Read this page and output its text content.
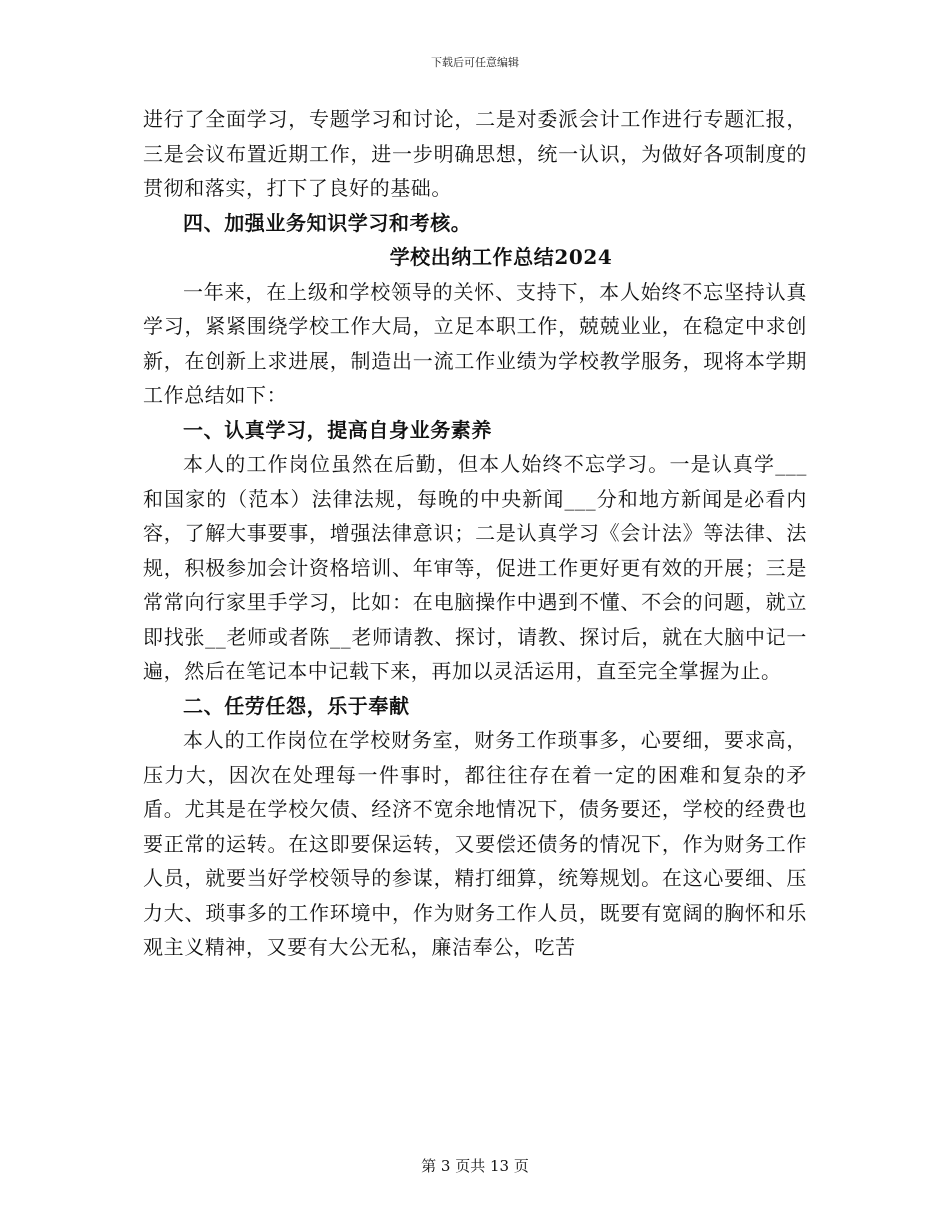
下载后可任意编辑

进行了全面学习，专题学习和讨论，二是对委派会计工作进行专题汇报，三是会议布置近期工作，进一步明确思想，统一认识，为做好各项制度的贯彻和落实，打下了良好的基础。

四、加强业务知识学习和考核。

学校出纳工作总结2024

一年来，在上级和学校领导的关怀、支持下，本人始终不忘坚持认真学习，紧紧围绕学校工作大局，立足本职工作，兢兢业业，在稳定中求创新，在创新上求进展，制造出一流工作业绩为学校教学服务，现将本学期工作总结如下：

一、认真学习，提高自身业务素养

本人的工作岗位虽然在后勤，但本人始终不忘学习。一是认真学___和国家的（范本）法律法规，每晚的中央新闻___分和地方新闻是必看内容，了解大事要事，增强法律意识；二是认真学习《会计法》等法律、法规，积极参加会计资格培训、年审等，促进工作更好更有效的开展；三是常常向行家里手学习，比如：在电脑操作中遇到不懂、不会的问题，就立即找张__老师或者陈__老师请教、探讨，请教、探讨后，就在大脑中记一遍，然后在笔记本中记载下来，再加以灵活运用，直至完全掌握为止。

二、任劳任怨，乐于奉献

本人的工作岗位在学校财务室，财务工作琐事多，心要细，要求高，压力大，因次在处理每一件事时，都往往存在着一定的困难和复杂的矛盾。尤其是在学校欠债、经济不宽余地情况下，债务要还，学校的经费也要正常的运转。在这即要保运转，又要偿还债务的情况下，作为财务工作人员，就要当好学校领导的参谋，精打细算，统筹规划。在这心要细、压力大、琐事多的工作环境中，作为财务工作人员，既要有宽阔的胸怀和乐观主义精神，又要有大公无私，廉洁奉公，吃苦

第 3 页共 13 页
